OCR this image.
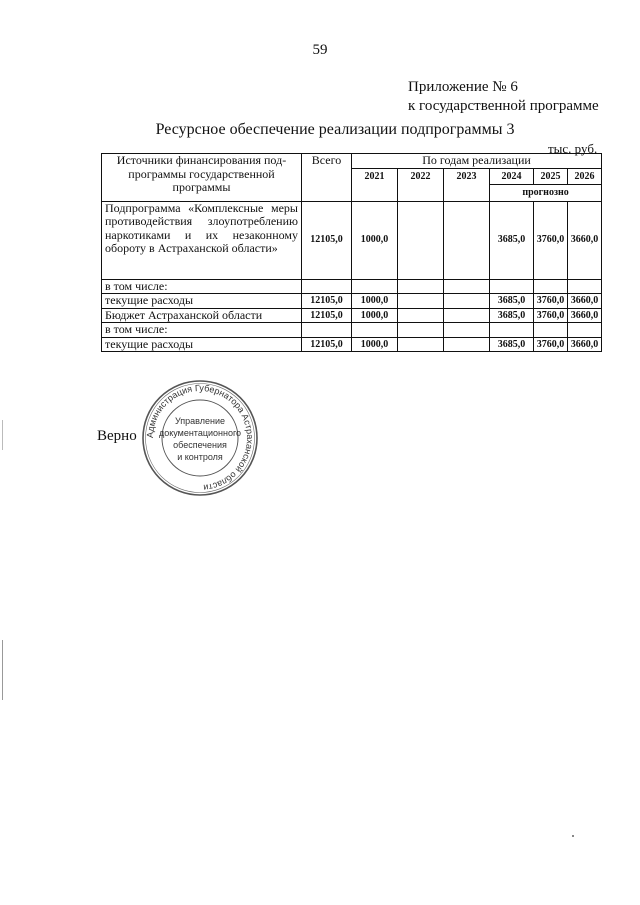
59
Приложение № 6
к государственной программе
Ресурсное обеспечение реализации подпрограммы 3
тыс. руб.
Источники финансирования под-программы государственной программы	Всего	По годам реализации					
		2021	2022	2023	2024	2025	2026
					прогнозно		
Подпрограмма «Комплексные меры противодействия злоупотреблению наркотиками и их незаконному обороту в Астраханской области»	12105,0	1000,0			3685,0	3760,0	3660,0
в том числе:							
текущие расходы	12105,0	1000,0			3685,0	3760,0	3660,0
Бюджет Астраханской области	12105,0	1000,0			3685,0	3760,0	3660,0
в том числе:							
текущие расходы	12105,0	1000,0			3685,0	3760,0	3660,0
Верно Администрация Губернатора Астраханской области
Управление
документационного
обеспечения
и контроля
